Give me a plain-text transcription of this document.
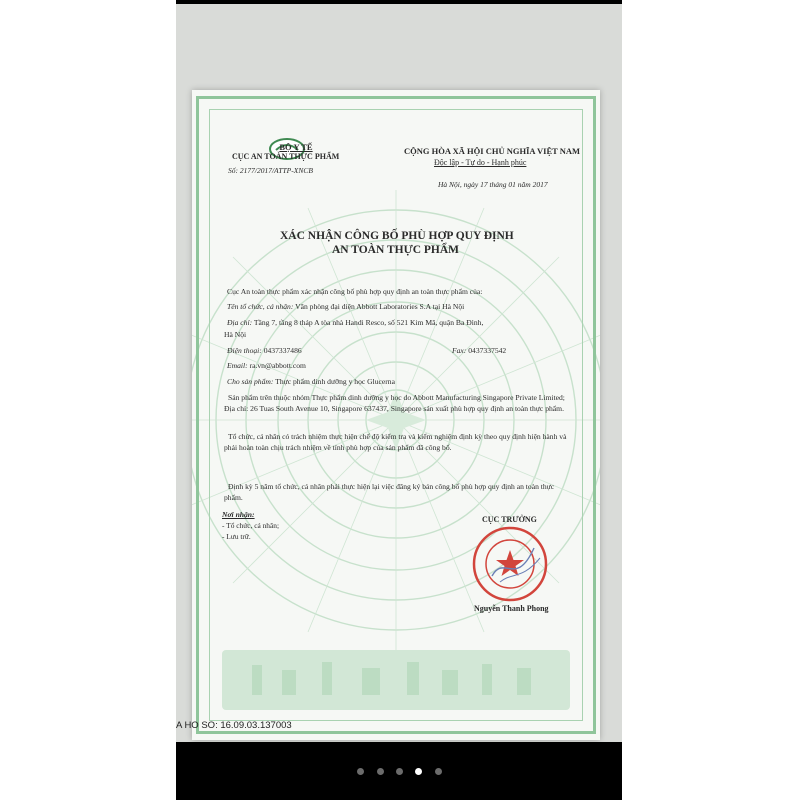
BỘ Y TẾ
CỤC AN TOÀN THỰC PHẨM
Số: 2177/2017/ATTP-XNCB
CỘNG HÒA XÃ HỘI CHỦ NGHĨA VIỆT NAM
Độc lập - Tự do - Hạnh phúc
Hà Nội, ngày 17 tháng 01 năm 2017
XÁC NHẬN CÔNG BỐ PHÙ HỢP QUY ĐỊNH
AN TOÀN THỰC PHẨM
Cục An toàn thực phẩm xác nhận công bố phù hợp quy định an toàn thực phẩm của:
Tên tổ chức, cá nhân: Văn phòng đại diện Abbott Laboratories S.A tại Hà Nội
Địa chỉ: Tầng 7, tầng 8 tháp A tòa nhà Handi Resco, số 521 Kim Mã, quận Ba Đình,
Hà Nội
Điện thoại: 0437337486	Fax: 0437337542
Email: ra.vn@abbott.com
Cho sản phẩm: Thực phẩm dinh dưỡng y học Glucerna
Sản phẩm trên thuộc nhóm Thực phẩm dinh dưỡng y học do Abbott Manufacturing Singapore Private Limited; Địa chỉ: 26 Tuas South Avenue 10, Singapore 637437, Singapore sản xuất phù hợp quy định an toàn thực phẩm.
Tổ chức, cá nhân có trách nhiệm thực hiện chế độ kiểm tra và kiểm nghiệm định kỳ theo quy định hiện hành và phải hoàn toàn chịu trách nhiệm về tính phù hợp của sản phẩm đã công bố.
Định kỳ 5 năm tổ chức, cá nhân phải thực hiện lại việc đăng ký bản công bố phù hợp quy định an toàn thực phẩm.
Nơi nhận:
- Tổ chức, cá nhân;
- Lưu trữ.
CỤC TRƯỞNG
Nguyễn Thanh Phong
A HO SO: 16.09.03.137003
